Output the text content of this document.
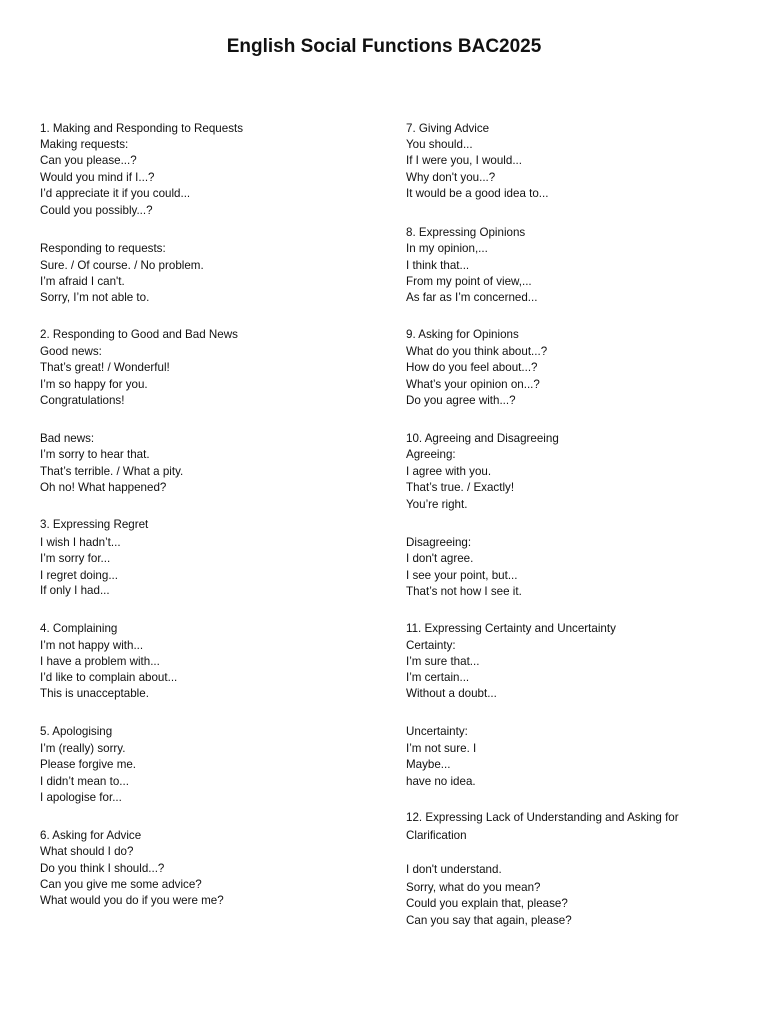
English Social Functions BAC2025
1. Making and Responding to Requests
Making requests:
Can you please...?
Would you mind if I...?
I’d appreciate it if you could...
Could you possibly...?
Responding to requests:
Sure. / Of course. / No problem.
I’m afraid I can't.
Sorry, I’m not able to.
2. Responding to Good and Bad News
Good news:
That’s great! / Wonderful!
I’m so happy for you.
Congratulations!
Bad news:
I’m sorry to hear that.
That’s terrible. / What a pity.
Oh no! What happened?
3. Expressing Regret
I wish I hadn’t...
I’m sorry for...
I regret doing...
If only I had...
4. Complaining
I’m not happy with...
I have a problem with...
I’d like to complain about...
This is unacceptable.
5. Apologising
I’m (really) sorry.
Please forgive me.
I didn’t mean to...
I apologise for...
6. Asking for Advice
What should I do?
Do you think I should...?
Can you give me some advice?
What would you do if you were me?
7. Giving Advice
You should...
If I were you, I would...
Why don't you...?
It would be a good idea to...
8. Expressing Opinions
In my opinion,...
I think that...
From my point of view,...
As far as I’m concerned...
9. Asking for Opinions
What do you think about...?
How do you feel about...?
What’s your opinion on...?
Do you agree with...?
10. Agreeing and Disagreeing
Agreeing:
I agree with you.
That’s true. / Exactly!
You’re right.
Disagreeing:
I don't agree.
I see your point, but...
That’s not how I see it.
11. Expressing Certainty and Uncertainty
Certainty:
I’m sure that...
I’m certain...
Without a doubt...
Uncertainty:
I’m not sure. I
Maybe...
have no idea.
12. Expressing Lack of Understanding and Asking for
Clarification
I don't understand.
Sorry, what do you mean?
Could you explain that, please?
Can you say that again, please?
